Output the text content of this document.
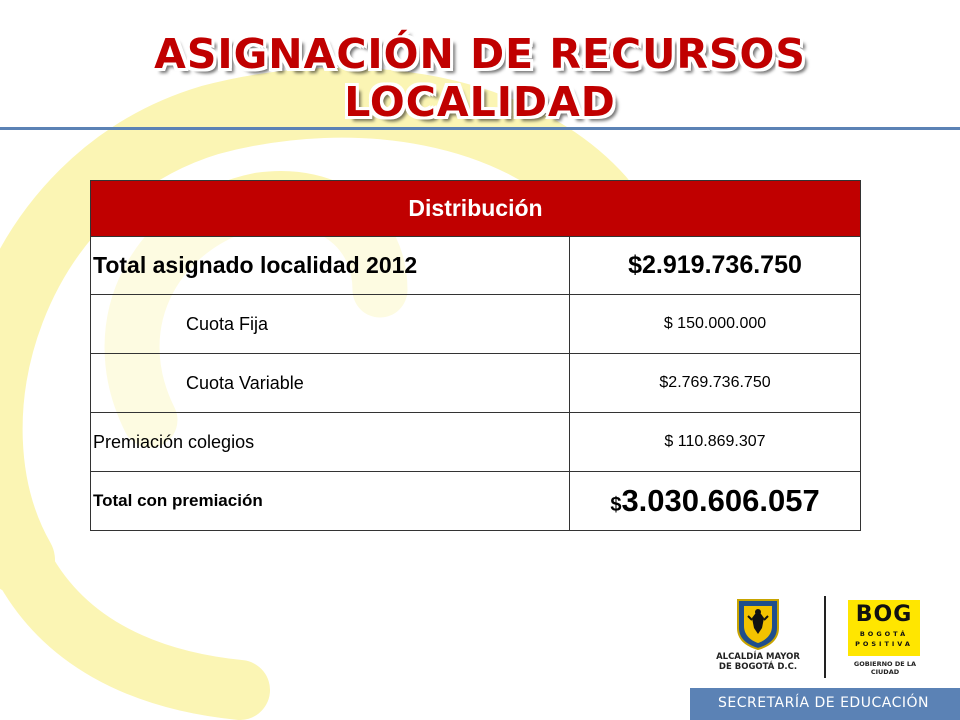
ASIGNACIÓN DE RECURSOS
LOCALIDAD
Distribución	
Total asignado localidad 2012	$2.919.736.750
Cuota Fija	$ 150.000.000
Cuota Variable	$2.769.736.750
Premiación colegios	$ 110.869.307
Total con premiación	$3.030.606.057
ALCALDÍA MAYOR
DE BOGOTÁ D.C.
BOG
BOGOTÁ
POSITIVA
GOBIERNO DE LA CIUDAD
SECRETARÍA DE EDUCACIÓN
